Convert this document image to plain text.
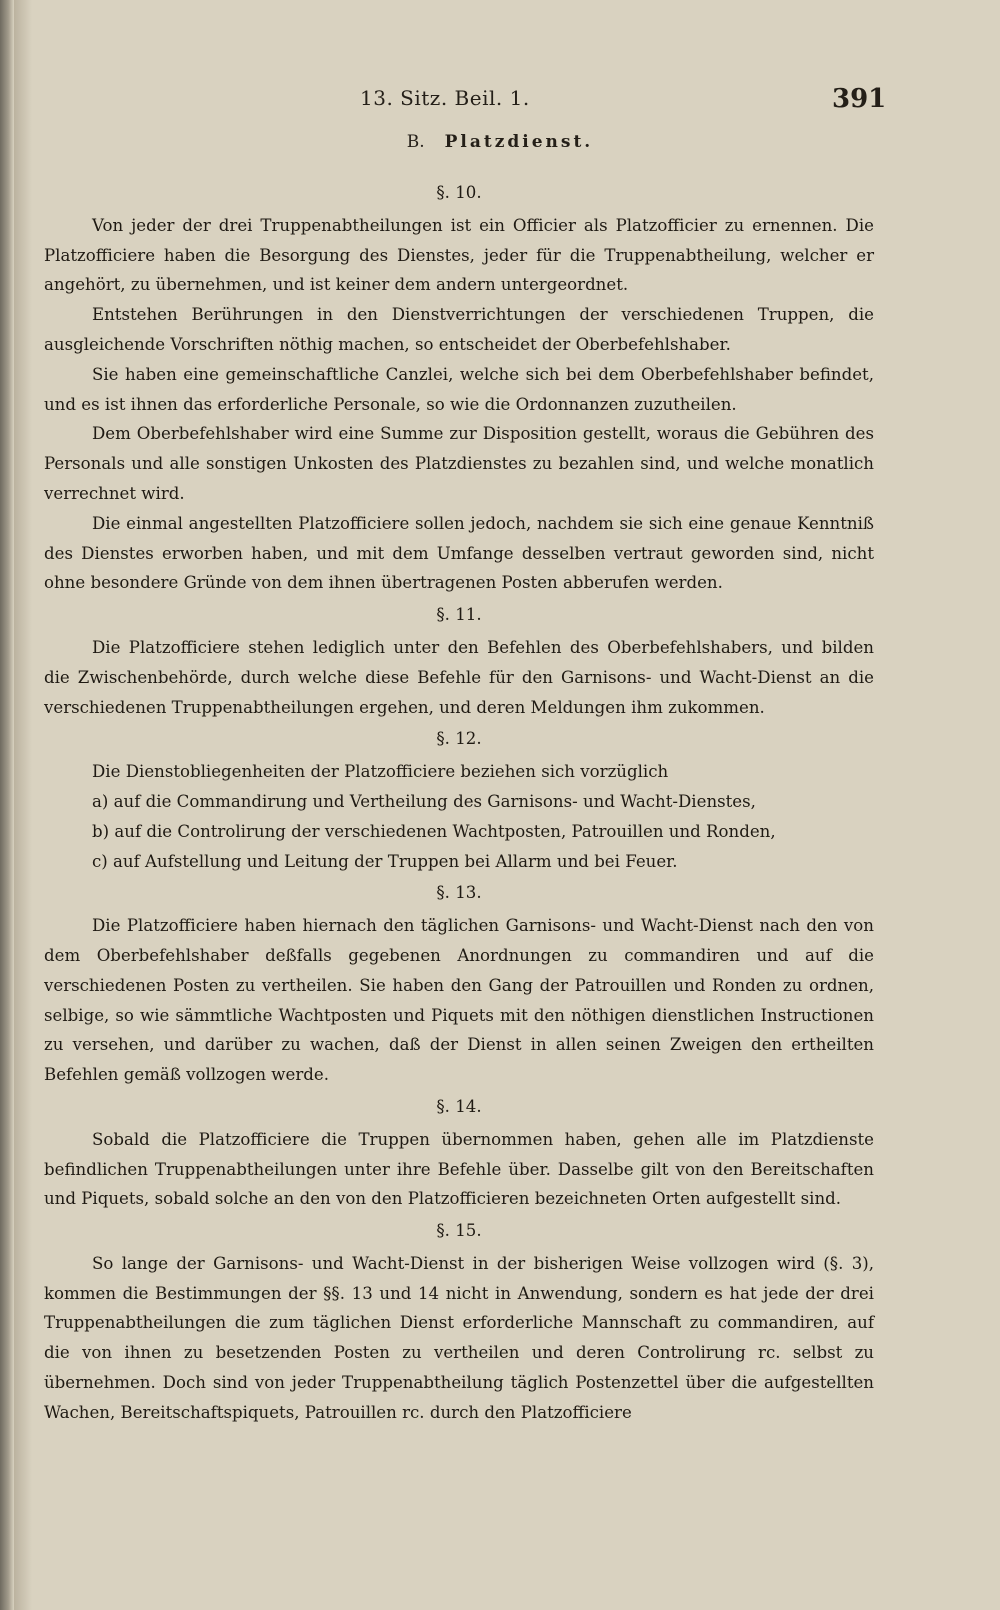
13. Sitz. Beil. 1.	391
B. Platzdienst.

§. 10.

Von jeder der drei Truppenabtheilungen ist ein Officier als Platzofficier zu ernennen. Die Platzofficiere haben die Besorgung des Dienstes, jeder für die Truppenabtheilung, welcher er angehört, zu übernehmen, und ist keiner dem andern untergeordnet.

Entstehen Berührungen in den Dienstverrichtungen der verschiedenen Truppen, die ausgleichende Vorschriften nöthig machen, so entscheidet der Oberbefehlshaber.

Sie haben eine gemeinschaftliche Canzlei, welche sich bei dem Oberbefehlshaber befindet, und es ist ihnen das erforderliche Personale, so wie die Ordonnanzen zuzutheilen.

Dem Oberbefehlshaber wird eine Summe zur Disposition gestellt, woraus die Gebühren des Personals und alle sonstigen Unkosten des Platzdienstes zu bezahlen sind, und welche monatlich verrechnet wird.

Die einmal angestellten Platzofficiere sollen jedoch, nachdem sie sich eine genaue Kenntniß des Dienstes erworben haben, und mit dem Umfange desselben vertraut geworden sind, nicht ohne besondere Gründe von dem ihnen übertragenen Posten abberufen werden.

§. 11.

Die Platzofficiere stehen lediglich unter den Befehlen des Oberbefehlshabers, und bilden die Zwischenbehörde, durch welche diese Befehle für den Garnisons- und Wacht-Dienst an die verschiedenen Truppenabtheilungen ergehen, und deren Meldungen ihm zukommen.

§. 12.

Die Dienstobliegenheiten der Platzofficiere beziehen sich vorzüglich

a) auf die Commandirung und Vertheilung des Garnisons- und Wacht-Dienstes,

b) auf die Controlirung der verschiedenen Wachtposten, Patrouillen und Ronden,

c) auf Aufstellung und Leitung der Truppen bei Allarm und bei Feuer.

§. 13.

Die Platzofficiere haben hiernach den täglichen Garnisons- und Wacht-Dienst nach den von dem Oberbefehlshaber deßfalls gegebenen Anordnungen zu commandiren und auf die verschiedenen Posten zu vertheilen. Sie haben den Gang der Patrouillen und Ronden zu ordnen, selbige, so wie sämmtliche Wachtposten und Piquets mit den nöthigen dienstlichen Instructionen zu versehen, und darüber zu wachen, daß der Dienst in allen seinen Zweigen den ertheilten Befehlen gemäß vollzogen werde.

§. 14.

Sobald die Platzofficiere die Truppen übernommen haben, gehen alle im Platzdienste befindlichen Truppenabtheilungen unter ihre Befehle über. Dasselbe gilt von den Bereitschaften und Piquets, sobald solche an den von den Platzofficieren bezeichneten Orten aufgestellt sind.

§. 15.

So lange der Garnisons- und Wacht-Dienst in der bisherigen Weise vollzogen wird (§. 3), kommen die Bestimmungen der §§. 13 und 14 nicht in Anwendung, sondern es hat jede der drei Truppenabtheilungen die zum täglichen Dienst erforderliche Mannschaft zu commandiren, auf die von ihnen zu besetzenden Posten zu vertheilen und deren Controlirung rc. selbst zu übernehmen. Doch sind von jeder Truppenabtheilung täglich Postenzettel über die aufgestellten Wachen, Bereitschaftspiquets, Patrouillen rc. durch den Platzofficiere
